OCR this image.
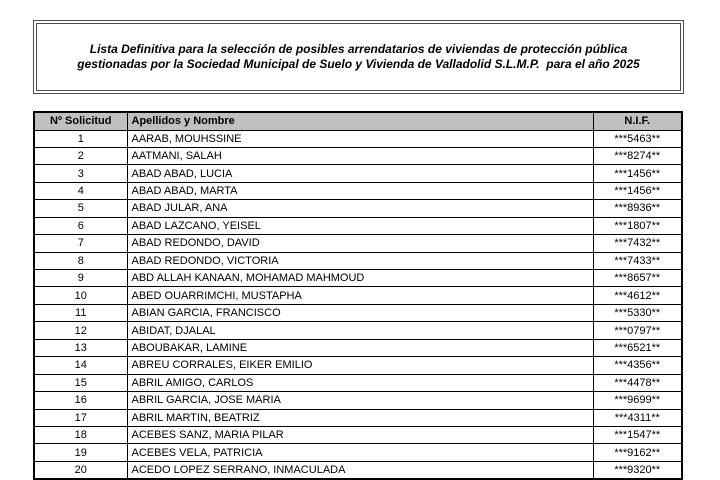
Lista Definitiva para la selección de posibles arrendatarios de viviendas de protección pública
gestionadas por la Sociedad Municipal de Suelo y Vivienda de Valladolid S.L.M.P.  para el año 2025
Nº Solicitud	Apellidos y Nombre	N.I.F.
1	AARAB, MOUHSSINE	***5463**
2	AATMANI, SALAH	***8274**
3	ABAD ABAD, LUCIA	***1456**
4	ABAD ABAD, MARTA	***1456**
5	ABAD JULAR, ANA	***8936**
6	ABAD LAZCANO, YEISEL	***1807**
7	ABAD REDONDO, DAVID	***7432**
8	ABAD REDONDO, VICTORIA	***7433**
9	ABD ALLAH KANAAN, MOHAMAD MAHMOUD	***8657**
10	ABED OUARRIMCHI, MUSTAPHA	***4612**
11	ABIAN GARCIA, FRANCISCO	***5330**
12	ABIDAT, DJALAL	***0797**
13	ABOUBAKAR, LAMINE	***6521**
14	ABREU CORRALES, EIKER EMILIO	***4356**
15	ABRIL AMIGO, CARLOS	***4478**
16	ABRIL GARCIA, JOSE MARIA	***9699**
17	ABRIL MARTIN, BEATRIZ	***4311**
18	ACEBES SANZ, MARIA PILAR	***1547**
19	ACEBES VELA, PATRICIA	***9162**
20	ACEDO LOPEZ SERRANO, INMACULADA	***9320**
